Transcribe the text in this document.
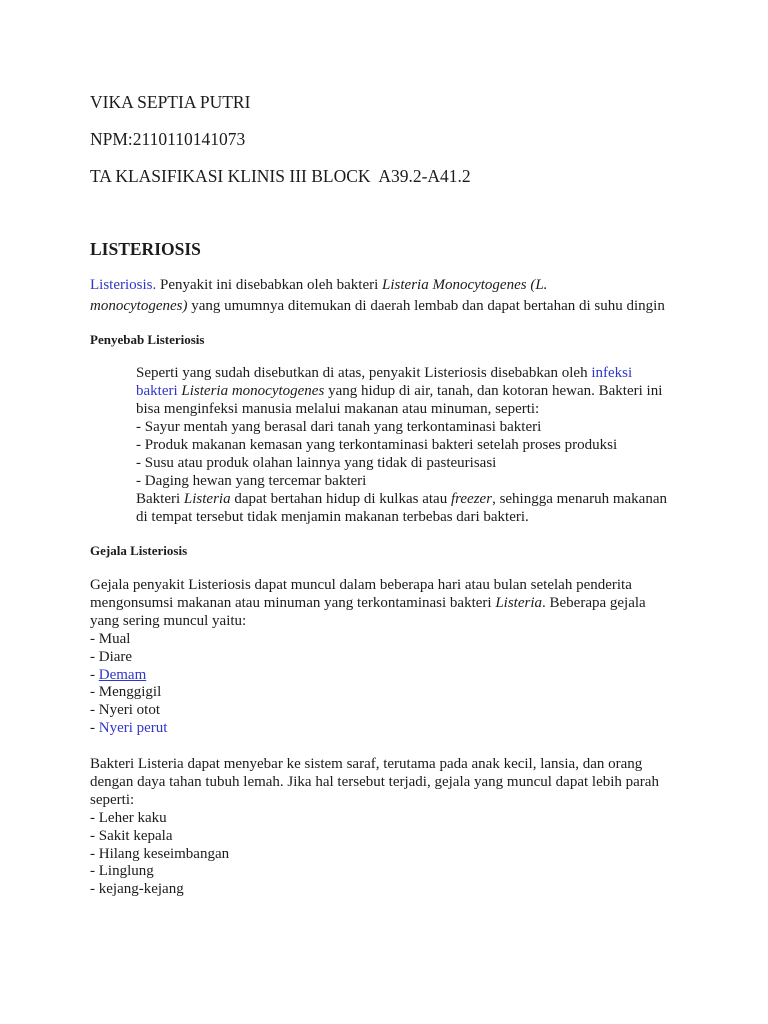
VIKA SEPTIA PUTRI
NPM:2110110141073
TA KLASIFIKASI KLINIS III BLOCK  A39.2-A41.2
LISTERIOSIS
Listeriosis. Penyakit ini disebabkan oleh bakteri Listeria Monocytogenes (L.
monocytogenes) yang umumnya ditemukan di daerah lembab dan dapat bertahan di suhu dingin
Penyebab Listeriosis
Seperti yang sudah disebutkan di atas, penyakit Listeriosis disebabkan oleh infeksi
bakteri Listeria monocytogenes yang hidup di air, tanah, dan kotoran hewan. Bakteri ini
bisa menginfeksi manusia melalui makanan atau minuman, seperti:
- Sayur mentah yang berasal dari tanah yang terkontaminasi bakteri
- Produk makanan kemasan yang terkontaminasi bakteri setelah proses produksi
- Susu atau produk olahan lainnya yang tidak di pasteurisasi
- Daging hewan yang tercemar bakteri
Bakteri Listeria dapat bertahan hidup di kulkas atau freezer, sehingga menaruh makanan
di tempat tersebut tidak menjamin makanan terbebas dari bakteri.
Gejala Listeriosis
Gejala penyakit Listeriosis dapat muncul dalam beberapa hari atau bulan setelah penderita
mengonsumsi makanan atau minuman yang terkontaminasi bakteri Listeria. Beberapa gejala
yang sering muncul yaitu:
- Mual
- Diare
- Demam
- Menggigil
- Nyeri otot
- Nyeri perut
Bakteri Listeria dapat menyebar ke sistem saraf, terutama pada anak kecil, lansia, dan orang
dengan daya tahan tubuh lemah. Jika hal tersebut terjadi, gejala yang muncul dapat lebih parah
seperti:
- Leher kaku
- Sakit kepala
- Hilang keseimbangan
- Linglung
- kejang-kejang
